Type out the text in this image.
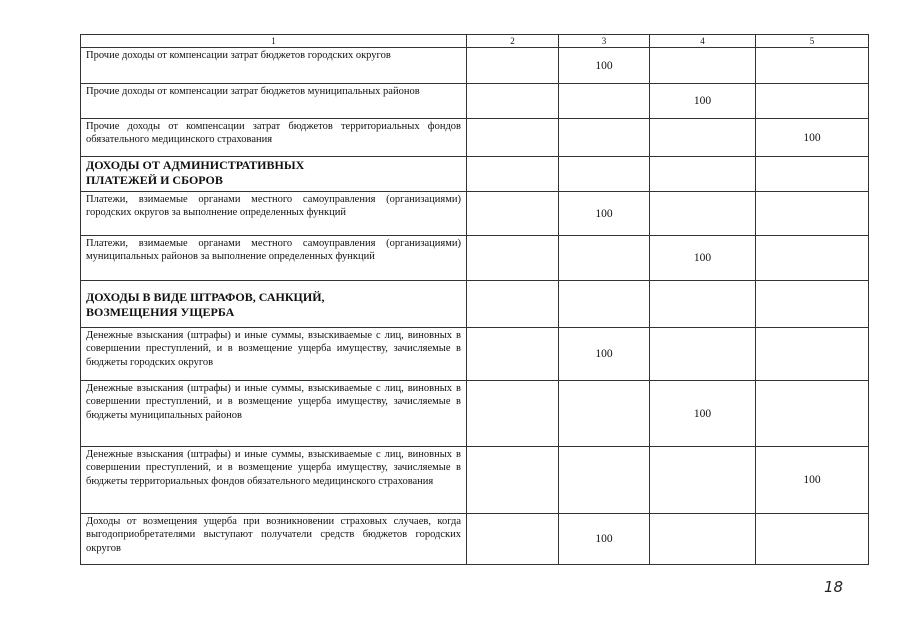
1	2	3	4	5
Прочие доходы от компенсации затрат бюджетов городских округов		100		
Прочие доходы от компенсации затрат бюджетов муниципальных районов			100	
Прочие доходы от компенсации затрат бюджетов территориальных фондов обязательного медицинского страхования				100
ДОХОДЫ ОТ АДМИНИСТРАТИВНЫХ ПЛАТЕЖЕЙ И СБОРОВ				
Платежи, взимаемые органами местного самоуправления (организациями) городских округов за выполнение определенных функций		100		
Платежи, взимаемые органами местного самоуправления (организациями) муниципальных районов за выполнение определенных функций			100	
ДОХОДЫ В ВИДЕ ШТРАФОВ, САНКЦИЙ, ВОЗМЕЩЕНИЯ УЩЕРБА				
Денежные взыскания (штрафы) и иные суммы, взыскиваемые с лиц, виновных в совершении преступлений, и в возмещение ущерба имуществу, зачисляемые в бюджеты городских округов		100		
Денежные взыскания (штрафы) и иные суммы, взыскиваемые с лиц, виновных в совершении преступлений, и в возмещение ущерба имуществу, зачисляемые в бюджеты муниципальных районов			100	
Денежные взыскания (штрафы) и иные суммы, взыскиваемые с лиц, виновных в совершении преступлений, и в возмещение ущерба имуществу, зачисляемые в бюджеты территориальных фондов обязательного медицинского страхования				100
Доходы от возмещения ущерба при возникновении страховых случаев, когда выгодоприобретателями выступают получатели средств бюджетов городских округов		100		
18
